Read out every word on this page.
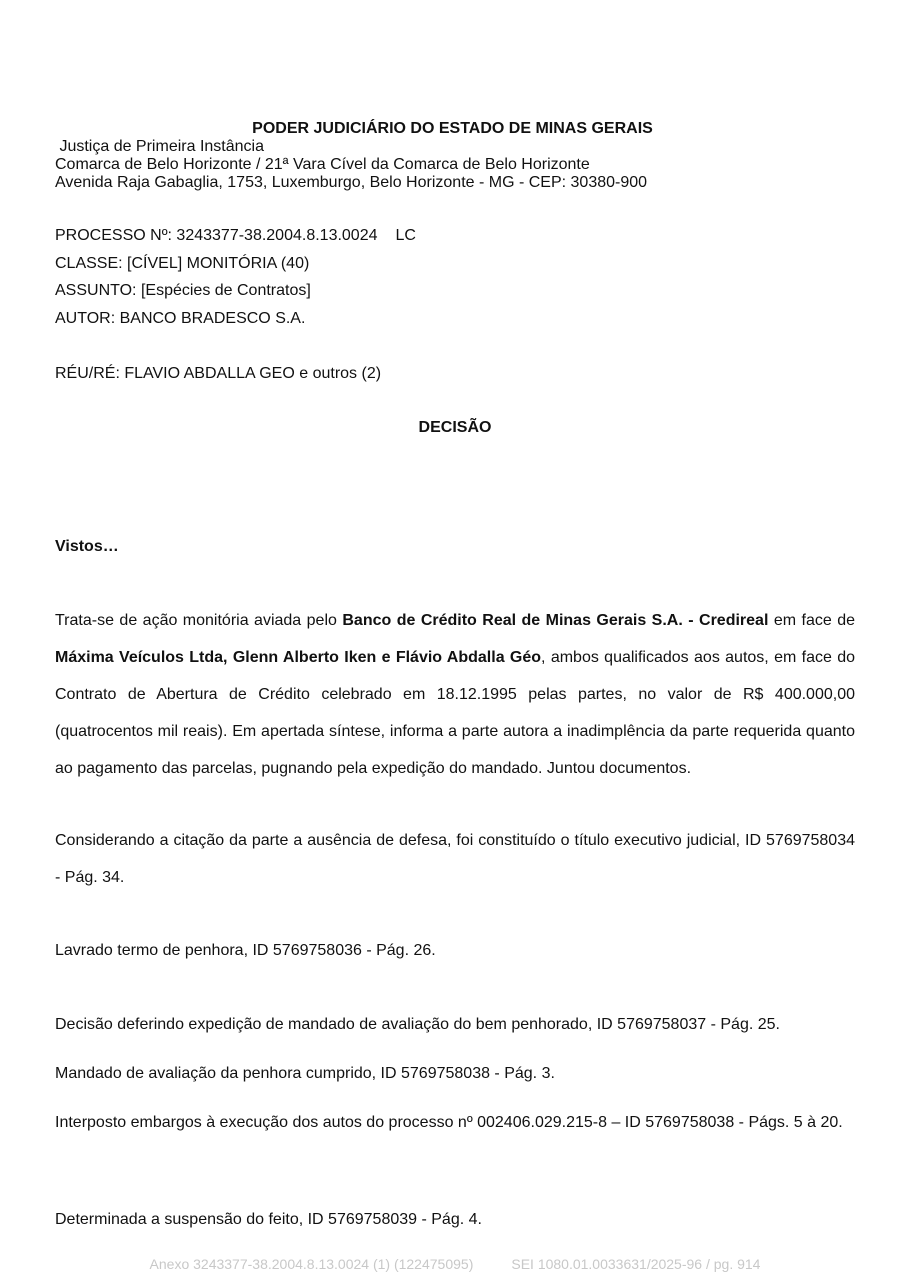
PODER JUDICIÁRIO DO ESTADO DE MINAS GERAIS
Justiça de Primeira Instância
Comarca de Belo Horizonte / 21ª Vara Cível da Comarca de Belo Horizonte
Avenida Raja Gabaglia, 1753, Luxemburgo, Belo Horizonte - MG - CEP: 30380-900
PROCESSO Nº: 3243377-38.2004.8.13.0024 LC
CLASSE: [CÍVEL] MONITÓRIA (40)
ASSUNTO: [Espécies de Contratos]
AUTOR: BANCO BRADESCO S.A.
RÉU/RÉ: FLAVIO ABDALLA GEO e outros (2)
DECISÃO
Vistos…
Trata-se de ação monitória aviada pelo Banco de Crédito Real de Minas Gerais S.A. - Credireal em face de Máxima Veículos Ltda, Glenn Alberto Iken e Flávio Abdalla Géo, ambos qualificados aos autos, em face do Contrato de Abertura de Crédito celebrado em 18.12.1995 pelas partes, no valor de R$ 400.000,00 (quatrocentos mil reais). Em apertada síntese, informa a parte autora a inadimplência da parte requerida quanto ao pagamento das parcelas, pugnando pela expedição do mandado. Juntou documentos.
Considerando a citação da parte a ausência de defesa, foi constituído o título executivo judicial, ID 5769758034 - Pág. 34.
Lavrado termo de penhora, ID 5769758036 - Pág. 26.
Decisão deferindo expedição de mandado de avaliação do bem penhorado, ID 5769758037 - Pág. 25.
Mandado de avaliação da penhora cumprido, ID 5769758038 - Pág. 3.
Interposto embargos à execução dos autos do processo nº 002406.029.215-8 – ID 5769758038 - Págs. 5 à 20.
Determinada a suspensão do feito, ID 5769758039 - Pág. 4.
Anexo 3243377-38.2004.8.13.0024 (1) (122475095)	SEI 1080.01.0033631/2025-96 / pg. 914
